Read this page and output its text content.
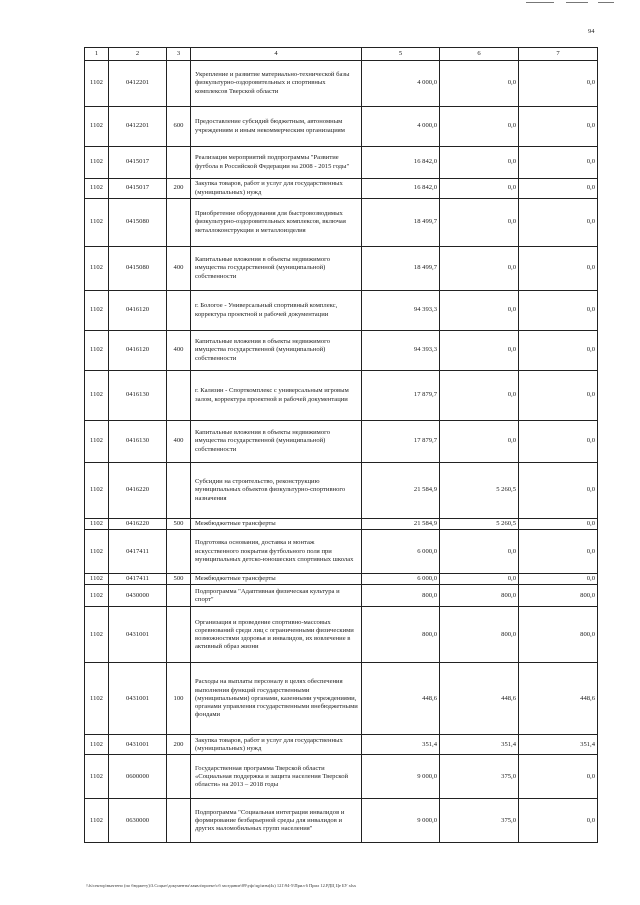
94
1	2	3	4	5	6	7
1102	0412201		Укрепление и развитие материально-технической базы физкультурно-оздоровительных и спортивных комплексов Тверской области	4 000,0	0,0	0,0
1102	0412201	600	Предоставление субсидий бюджетным, автономным учреждениям и иным некоммерческим организациям	4 000,0	0,0	0,0
1102	0415017		Реализация мероприятий подпрограммы "Развитие футбола в Российской Федерации на 2008 - 2015 годы"	16 842,0	0,0	0,0
1102	0415017	200	Закупка товаров, работ и услуг для государственных (муниципальных) нужд	16 842,0	0,0	0,0
1102	0415080		Приобретение оборудования для быстровозводимых физкультурно-оздоровительных комплексов, включая металлоконструкции и металлоизделия	18 499,7	0,0	0,0
1102	0415080	400	Капитальные вложения в объекты недвижимого имущества государственной (муниципальной) собственности	18 499,7	0,0	0,0
1102	0416120		г. Бологое - Универсальный спортивный комплекс, корректура проектной и рабочей документации	94 393,3	0,0	0,0
1102	0416120	400	Капитальные вложения в объекты недвижимого имущества государственной (муниципальной) собственности	94 393,3	0,0	0,0
1102	0416130		г. Калязин - Спорткомплекс с универсальным игровым залом, корректура проектной и рабочей документации	17 879,7	0,0	0,0
1102	0416130	400	Капитальные вложения в объекты недвижимого имущества государственной (муниципальной) собственности	17 879,7	0,0	0,0
1102	0416220		Субсидии на строительство, реконструкцию муниципальных объектов физкультурно-спортивного назначения	21 584,9	5 260,5	0,0
1102	0416220	500	Межбюджетные трансферты	21 584,9	5 260,5	0,0
1102	0417411		Подготовка основания, доставка и монтаж искусственного покрытия футбольного поля при муниципальных детско-юношеских спортивных школах	6 000,0	0,0	0,0
1102	0417411	500	Межбюджетные трансферты	6 000,0	0,0	0,0
1102	0430000		Подпрограмма "Адаптивная физическая культура и спорт"	800,0	800,0	800,0
1102	0431001		Организация и проведение спортивно-массовых соревнований среди лиц с ограниченными физическими возможностями здоровья и инвалидов, их вовлечение в активный образ жизни	800,0	800,0	800,0
1102	0431001	100	Расходы на выплаты персоналу в целях обеспечения выполнения функций государственными (муниципальными) органами, казенными учреждениями, органами управления государственными внебюджетными фондами	448,6	448,6	448,6
1102	0431001	200	Закупка товаров, работ и услуг для государственных (муниципальных) нужд	351,4	351,4	351,4
1102	0600000		Государственная программа Тверской области «Социальная поддержка и защита населения Тверской области» на 2013 – 2018 годы	9 000,0	375,0	0,0
1102	0630000		Подпрограмма "Социальная интеграция инвалидов и формирование безбарьерной среды для инвалидов и других маломобильных групп населения"	9 000,0	375,0	0,0
\\fs\сектор\вычтено (по бюджету)\3.Соцыт\документы\заявл\проект\сб заседание\09\уфс\цр\изм(4s) 121\94-5\Прил 6 Прил 12.РДЦ Це БУ xlsx
